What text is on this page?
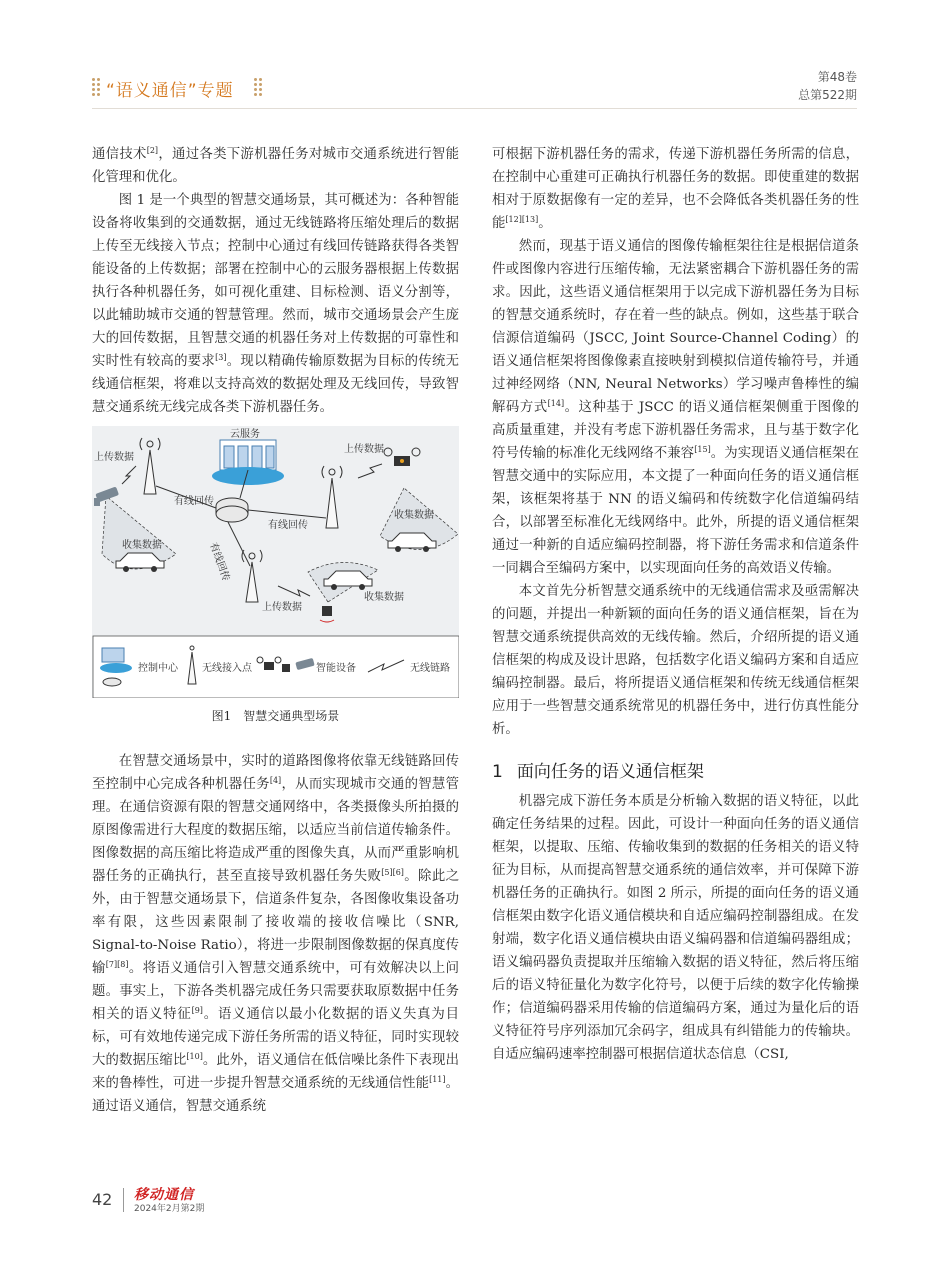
“语义通信”专题
第48卷
总第522期

通信技术[2]，通过各类下游机器任务对城市交通系统进行智能化管理和优化。

图 1 是一个典型的智慧交通场景，其可概述为：各种智能设备将收集到的交通数据，通过无线链路将压缩处理后的数据上传至无线接入节点；控制中心通过有线回传链路获得各类智能设备的上传数据；部署在控制中心的云服务器根据上传数据执行各种机器任务，如可视化重建、目标检测、语义分割等，以此辅助城市交通的智慧管理。然而，城市交通场景会产生庞大的回传数据，且智慧交通的机器任务对上传数据的可靠性和实时性有较高的要求[3]。现以精确传输原数据为目标的传统无线通信框架，将难以支持高效的数据处理及无线回传，导致智慧交通系统无线完成各类下游机器任务。

云服务
有线回传
有线回传
有线回传
上传数据
上传数据
上传数据
收集数据
收集数据
收集数据
控制中心 无线接入点	智能设备	无线链路
图1　智慧交通典型场景

在智慧交通场景中，实时的道路图像将依靠无线链路回传至控制中心完成各种机器任务[4]，从而实现城市交通的智慧管理。在通信资源有限的智慧交通网络中，各类摄像头所拍摄的原图像需进行大程度的数据压缩，以适应当前信道传输条件。图像数据的高压缩比将造成严重的图像失真，从而严重影响机器任务的正确执行，甚至直接导致机器任务失败[5][6]。除此之外，由于智慧交通场景下，信道条件复杂，各图像收集设备功率有限，这些因素限制了接收端的接收信噪比（SNR, Signal-to-Noise Ratio），将进一步限制图像数据的保真度传输[7][8]。将语义通信引入智慧交通系统中，可有效解决以上问题。事实上，下游各类机器完成任务只需要获取原数据中任务相关的语义特征[9]。语义通信以最小化数据的语义失真为目标，可有效地传递完成下游任务所需的语义特征，同时实现较大的数据压缩比[10]。此外，语义通信在低信噪比条件下表现出来的鲁棒性，可进一步提升智慧交通系统的无线通信性能[11]。通过语义通信，智慧交通系统

可根据下游机器任务的需求，传递下游机器任务所需的信息，在控制中心重建可正确执行机器任务的数据。即使重建的数据相对于原数据像有一定的差异，也不会降低各类机器任务的性能[12][13]。

然而，现基于语义通信的图像传输框架往往是根据信道条件或图像内容进行压缩传输，无法紧密耦合下游机器任务的需求。因此，这些语义通信框架用于以完成下游机器任务为目标的智慧交通系统时，存在着一些的缺点。例如，这些基于联合信源信道编码（JSCC, Joint Source-Channel Coding）的语义通信框架将图像像素直接映射到模拟信道传输符号，并通过神经网络（NN, Neural Networks）学习噪声鲁棒性的编解码方式[14]。这种基于 JSCC 的语义通信框架侧重于图像的高质量重建，并没有考虑下游机器任务需求，且与基于数字化符号传输的标准化无线网络不兼容[15]。为实现语义通信框架在智慧交通中的实际应用，本文提了一种面向任务的语义通信框架，该框架将基于 NN 的语义编码和传统数字化信道编码结合，以部署至标准化无线网络中。此外，所提的语义通信框架通过一种新的自适应编码控制器，将下游任务需求和信道条件一同耦合至编码方案中，以实现面向任务的高效语义传输。

本文首先分析智慧交通系统中的无线通信需求及亟需解决的问题，并提出一种新颖的面向任务的语义通信框架，旨在为智慧交通系统提供高效的无线传输。然后，介绍所提的语义通信框架的构成及设计思路，包括数字化语义编码方案和自适应编码控制器。最后，将所提语义通信框架和传统无线通信框架应用于一些智慧交通系统常见的机器任务中，进行仿真性能分析。

1 面向任务的语义通信框架

机器完成下游任务本质是分析输入数据的语义特征，以此确定任务结果的过程。因此，可设计一种面向任务的语义通信框架，以提取、压缩、传输收集到的数据的任务相关的语义特征为目标，从而提高智慧交通系统的通信效率，并可保障下游机器任务的正确执行。如图 2 所示，所提的面向任务的语义通信框架由数字化语义通信模块和自适应编码控制器组成。在发射端，数字化语义通信模块由语义编码器和信道编码器组成；语义编码器负责提取并压缩输入数据的语义特征，然后将压缩后的语义特征量化为数字化符号，以便于后续的数字化传输操作；信道编码器采用传输的信道编码方案，通过为量化后的语义特征符号序列添加冗余码字，组成具有纠错能力的传输块。自适应编码速率控制器可根据信道状态信息（CSI,

42 移动通信
2024年2月第2期
